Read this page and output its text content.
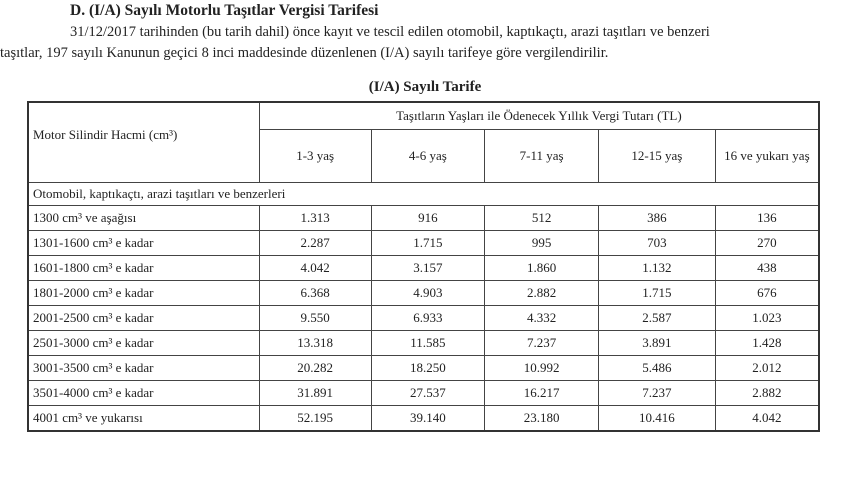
D. (I/A) Sayılı Motorlu Taşıtlar Vergisi Tarifesi
31/12/2017 tarihinden (bu tarih dahil) önce kayıt ve tescil edilen otomobil, kaptıkaçtı, arazi taşıtları ve benzeri
taşıtlar, 197 sayılı Kanunun geçici 8 inci maddesinde düzenlenen (I/A) sayılı tarifeye göre vergilendirilir.
(I/A) Sayılı Tarife
Motor Silindir Hacmi (cm³)	Taşıtların Yaşları ile Ödenecek Yıllık Vergi Tutarı (TL)				
	1-3 yaş	4-6 yaş	7-11 yaş	12-15 yaş	16 ve yukarı yaş
Otomobil, kaptıkaçtı, arazi taşıtları ve benzerleri					
1300 cm³ ve aşağısı	1.313	916	512	386	136
1301-1600 cm³ e kadar	2.287	1.715	995	703	270
1601-1800 cm³ e kadar	4.042	3.157	1.860	1.132	438
1801-2000 cm³ e kadar	6.368	4.903	2.882	1.715	676
2001-2500 cm³ e kadar	9.550	6.933	4.332	2.587	1.023
2501-3000 cm³ e kadar	13.318	11.585	7.237	3.891	1.428
3001-3500 cm³ e kadar	20.282	18.250	10.992	5.486	2.012
3501-4000 cm³ e kadar	31.891	27.537	16.217	7.237	2.882
4001 cm³ ve yukarısı	52.195	39.140	23.180	10.416	4.042
